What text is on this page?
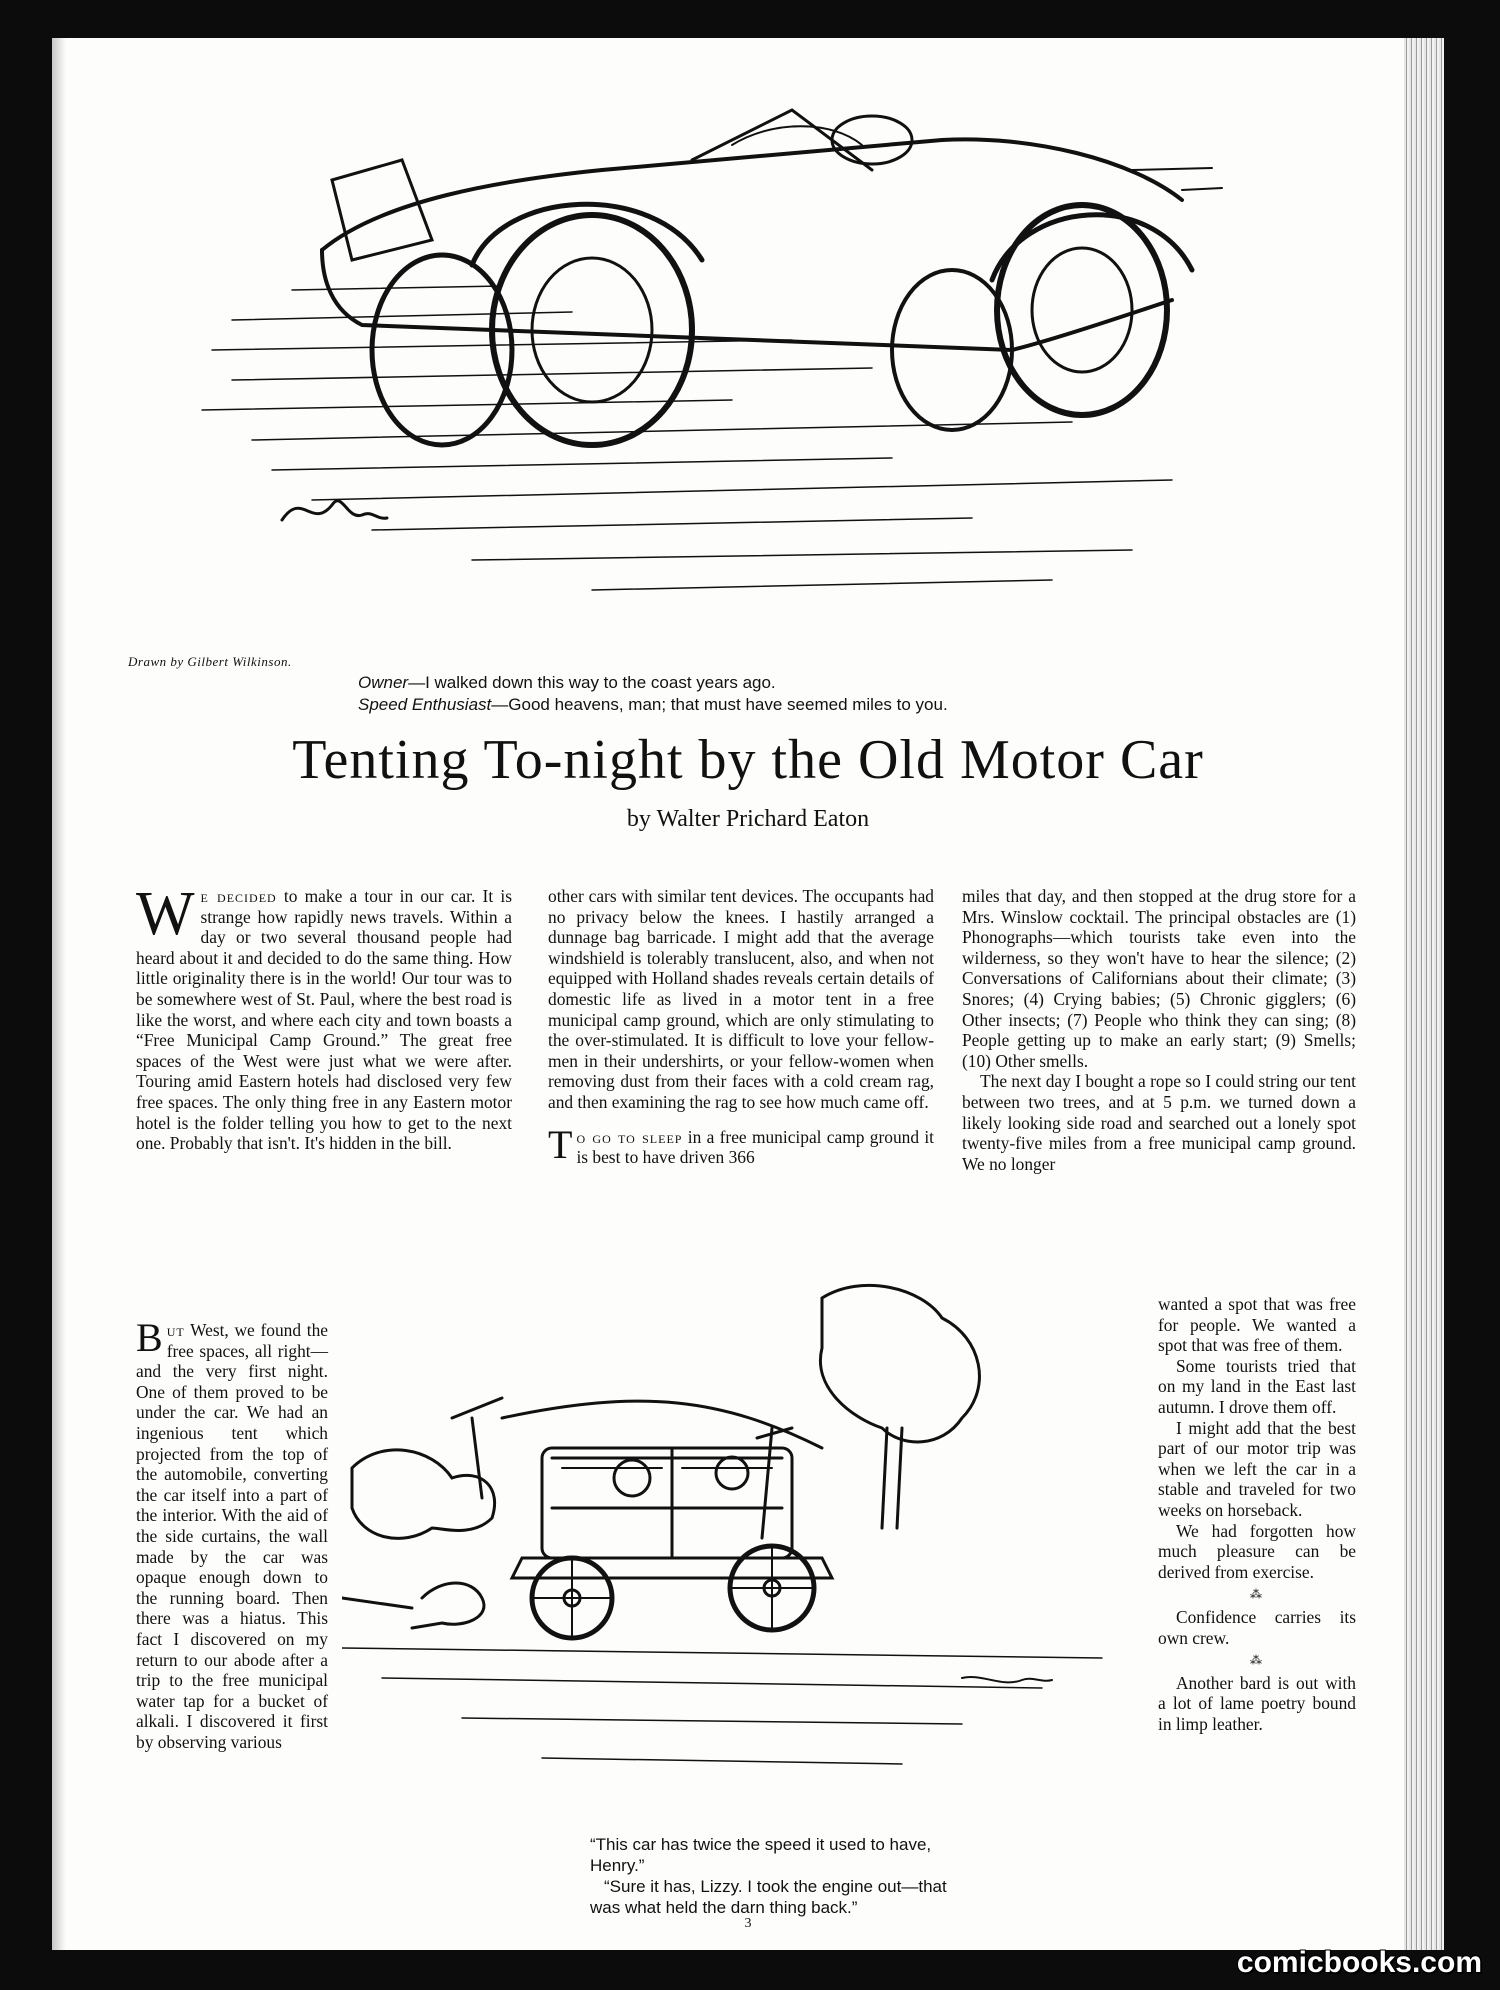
Drawn by Gilbert Wilkinson.
Owner—I walked down this way to the coast years ago.
Speed Enthusiast—Good heavens, man; that must have seemed miles to you.
Tenting To-night by the Old Motor Car
by Walter Prichard Eaton

We decided to make a tour in our car. It is strange how rapidly news travels. Within a day or two several thousand people had heard about it and decided to do the same thing. How little originality there is in the world! Our tour was to be somewhere west of St. Paul, where the best road is like the worst, and where each city and town boasts a “Free Municipal Camp Ground.” The great free spaces of the West were just what we were after. Touring amid Eastern hotels had disclosed very few free spaces. The only thing free in any Eastern motor hotel is the folder telling you how to get to the next one. Probably that isn't. It's hidden in the bill.

But West, we found the free spaces, all right—and the very first night. One of them proved to be under the car. We had an ingenious tent which projected from the top of the automobile, converting the car itself into a part of the interior. With the aid of the side curtains, the wall made by the car was opaque enough down to the running board. Then there was a hiatus. This fact I discovered on my return to our abode after a trip to the free municipal water tap for a bucket of alkali. I discovered it first by observing various

other cars with similar tent devices. The occupants had no privacy below the knees. I hastily arranged a dunnage bag barricade. I might add that the average windshield is tolerably translucent, also, and when not equipped with Holland shades reveals certain details of domestic life as lived in a motor tent in a free municipal camp ground, which are only stimulating to the over-stimulated. It is difficult to love your fellow-men in their undershirts, or your fellow-women when removing dust from their faces with a cold cream rag, and then examining the rag to see how much came off.

To go to sleep in a free municipal camp ground it is best to have driven 366

miles that day, and then stopped at the drug store for a Mrs. Winslow cocktail. The principal obstacles are (1) Phonographs—which tourists take even into the wilderness, so they won't have to hear the silence; (2) Conversations of Californians about their climate; (3) Snores; (4) Crying babies; (5) Chronic gigglers; (6) Other insects; (7) People who think they can sing; (8) People getting up to make an early start; (9) Smells; (10) Other smells.

The next day I bought a rope so I could string our tent between two trees, and at 5 p.m. we turned down a likely looking side road and searched out a lonely spot twenty-five miles from a free municipal camp ground. We no longer

wanted a spot that was free for people. We wanted a spot that was free of them.

Some tourists tried that on my land in the East last autumn. I drove them off.

I might add that the best part of our motor trip was when we left the car in a stable and traveled for two weeks on horseback.

We had forgotten how much pleasure can be derived from exercise.

⁂

Confidence carries its own crew.

⁂

Another bard is out with a lot of lame poetry bound in limp leather.

“This car has twice the speed it used to have, Henry.”

“Sure it has, Lizzy. I took the engine out—that was what held the darn thing back.”

3
comicbooks.com
